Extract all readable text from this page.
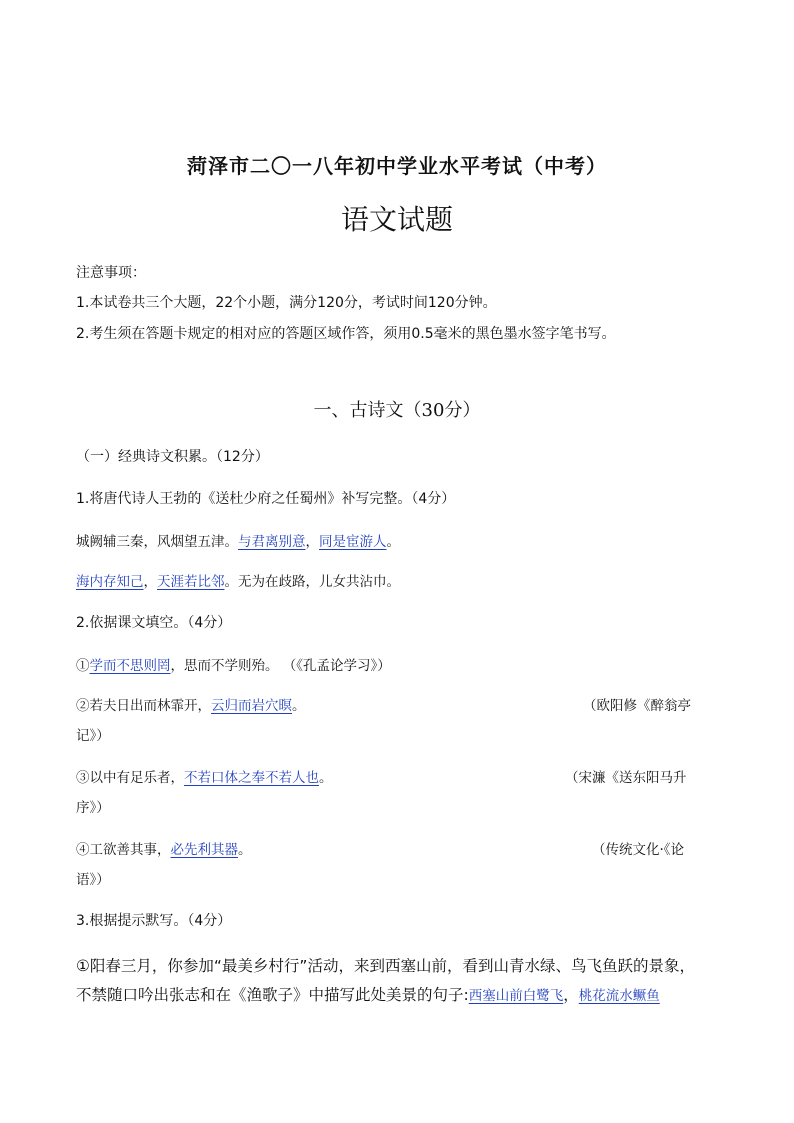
菏泽市二〇一八年初中学业水平考试（中考）
语文试题
注意事项：
1.本试卷共三个大题，22个小题，满分120分，考试时间120分钟。
2.考生须在答题卡规定的相对应的答题区域作答，须用0.5毫米的黑色墨水签字笔书写。
一、古诗文（30分）
（一）经典诗文积累。（12分）
1.将唐代诗人王勃的《送杜少府之任蜀州》补写完整。（4分）
城阙辅三秦，风烟望五津。与君离别意，同是宦游人。
海内存知己，天涯若比邻。无为在歧路，儿女共沾巾。
2.依据课文填空。（4分）
①学而不思则罔，思而不学则殆。 （《孔孟论学习》）
②若夫日出而林霏开，云归而岩穴暝。	（欧阳修《醉翁亭
记》）
③以中有足乐者，不若口体之奉不若人也。	（宋濂《送东阳马升
序》）
④工欲善其事，必先利其器。	（传统文化·《论
语》）
3.根据提示默写。（4分）
①阳春三月，你参加“最美乡村行”活动，来到西塞山前，看到山青水绿、鸟飞鱼跃的景象，
不禁随口吟出张志和在《渔歌子》中描写此处美景的句子:西塞山前白鹭飞，桃花流水鳜鱼
